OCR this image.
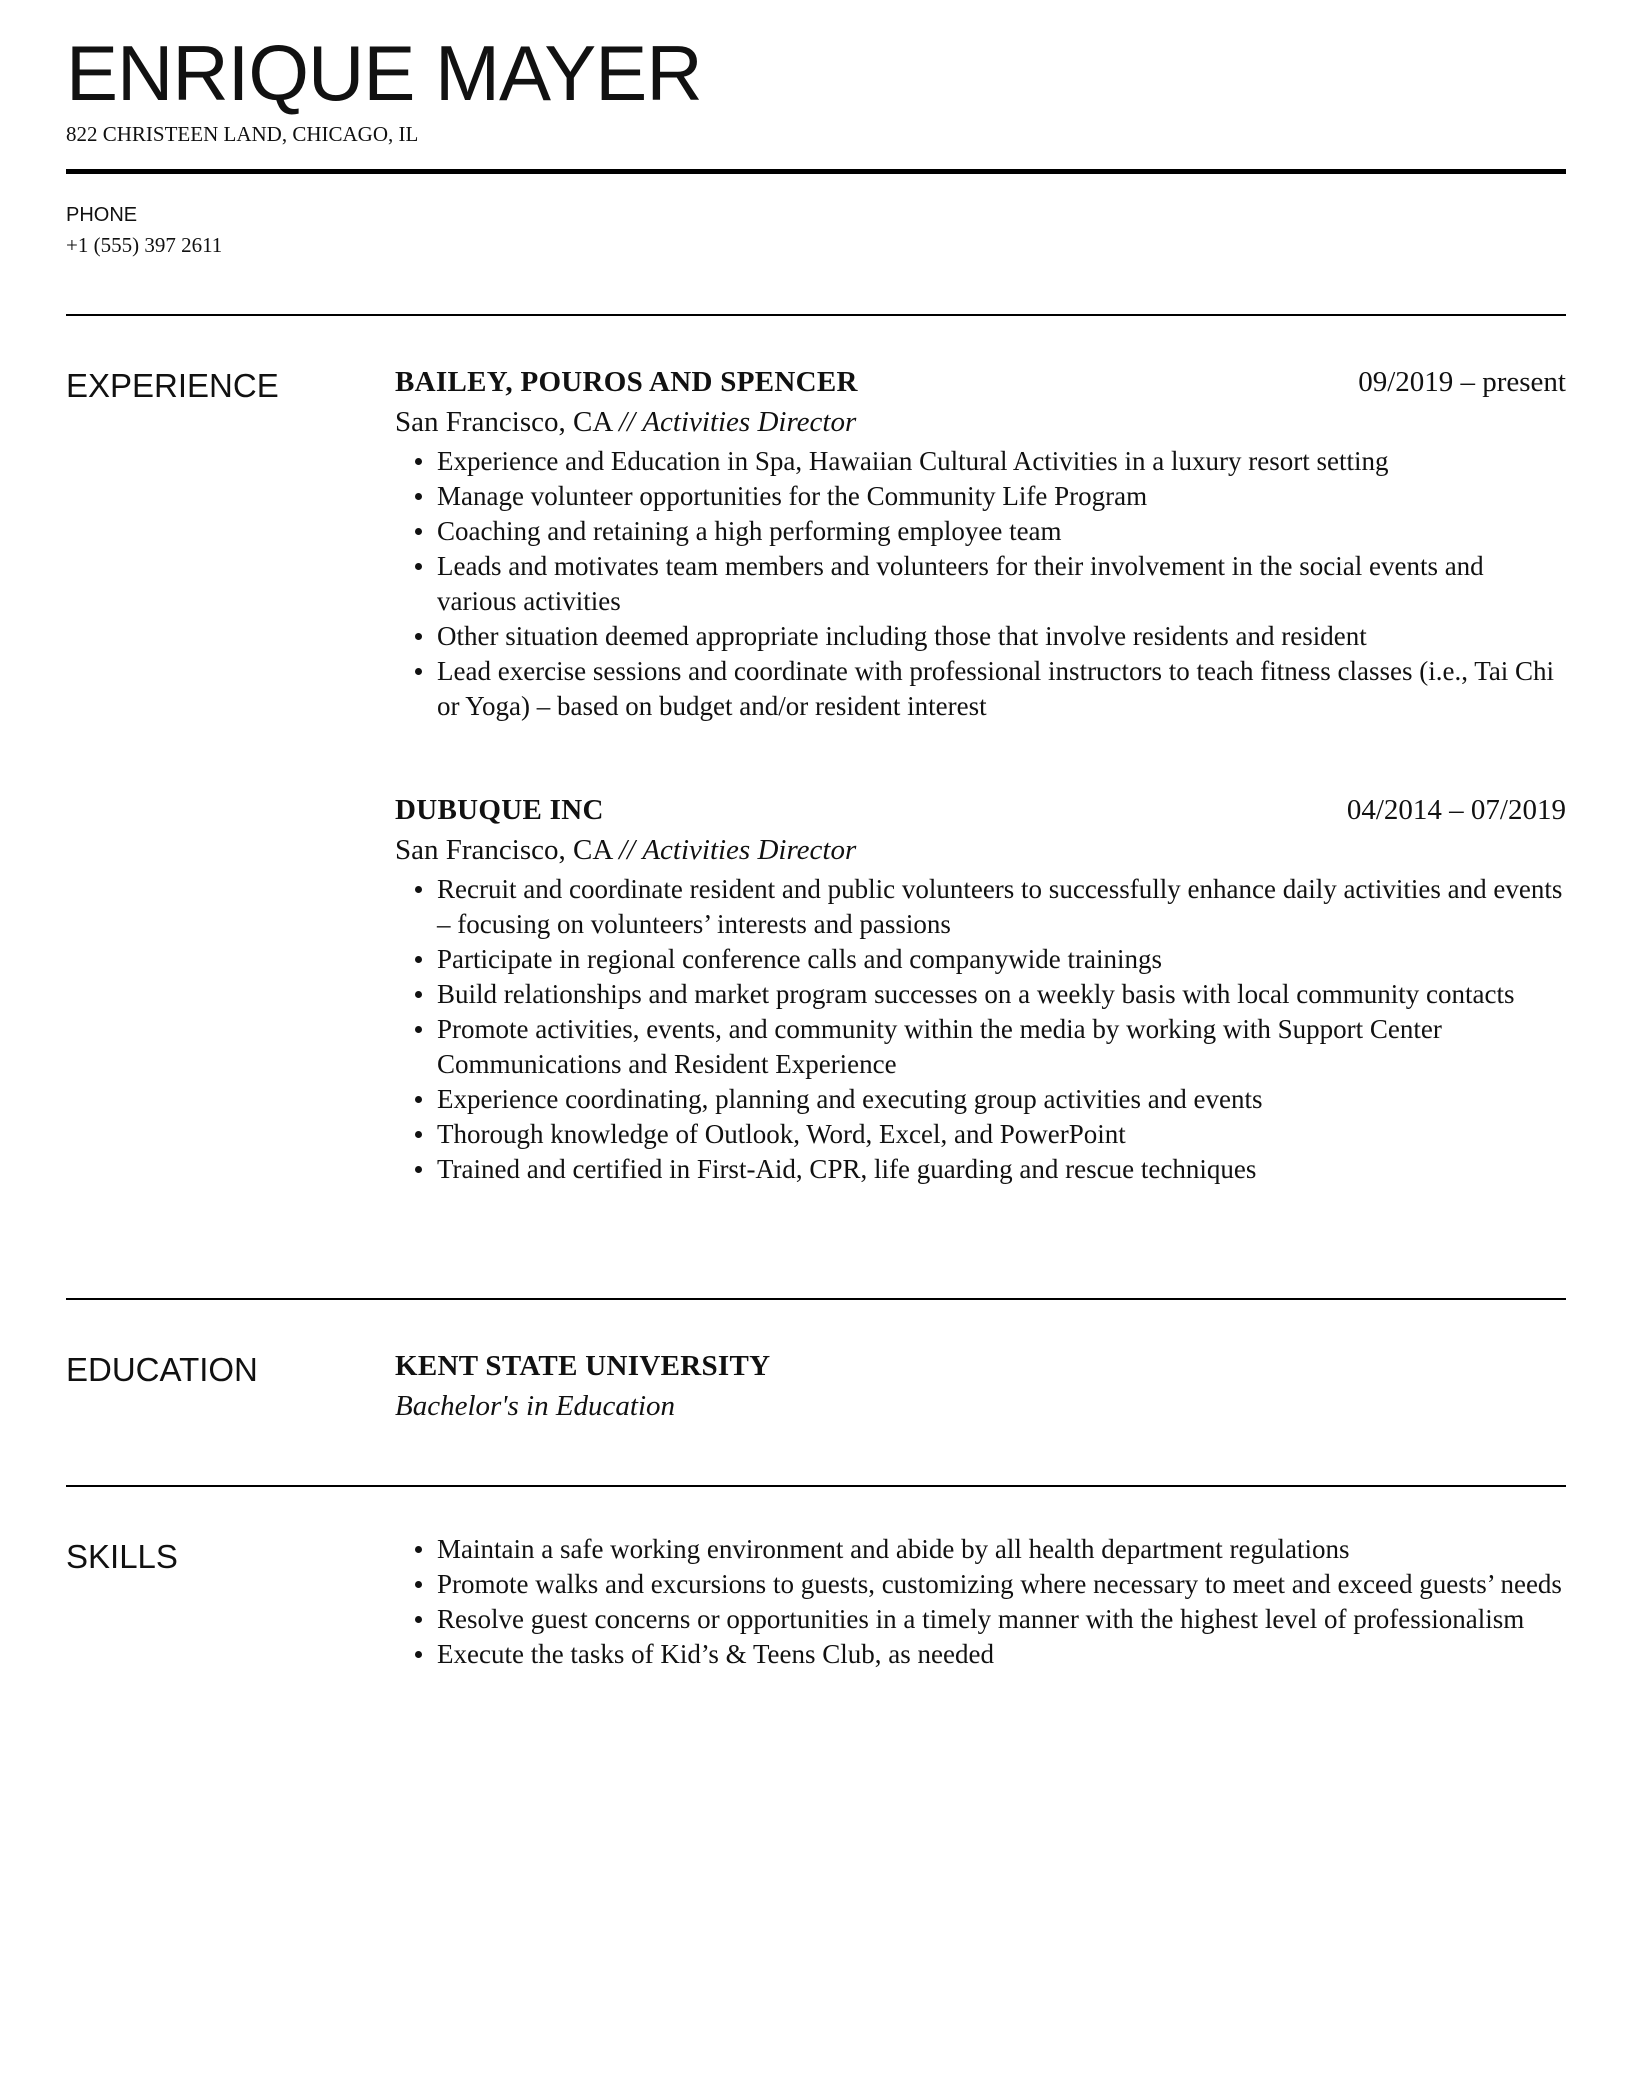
ENRIQUE MAYER
822 CHRISTEEN LAND, CHICAGO, IL
PHONE
+1 (555) 397 2611
EXPERIENCE	BAILEY, POUROS AND SPENCER	09/2019 – present
San Francisco, CA // Activities Director
Experience and Education in Spa, Hawaiian Cultural Activities in a luxury resort setting
Manage volunteer opportunities for the Community Life Program
Coaching and retaining a high performing employee team
Leads and motivates team members and volunteers for their involvement in the social events and various activities
Other situation deemed appropriate including those that involve residents and resident
Lead exercise sessions and coordinate with professional instructors to teach fitness classes (i.e., Tai Chi or Yoga) – based on budget and/or resident interest
DUBUQUE INC	04/2014 – 07/2019
San Francisco, CA // Activities Director
Recruit and coordinate resident and public volunteers to successfully enhance daily activities and events – focusing on volunteers’ interests and passions
Participate in regional conference calls and companywide trainings
Build relationships and market program successes on a weekly basis with local community contacts
Promote activities, events, and community within the media by working with Support Center Communications and Resident Experience
Experience coordinating, planning and executing group activities and events
Thorough knowledge of Outlook, Word, Excel, and PowerPoint
Trained and certified in First-Aid, CPR, life guarding and rescue techniques
EDUCATION	KENT STATE UNIVERSITY
Bachelor's in Education
SKILLS	Maintain a safe working environment and abide by all health department regulations
Promote walks and excursions to guests, customizing where necessary to meet and exceed guests’ needs
Resolve guest concerns or opportunities in a timely manner with the highest level of professionalism
Execute the tasks of Kid’s & Teens Club, as needed
